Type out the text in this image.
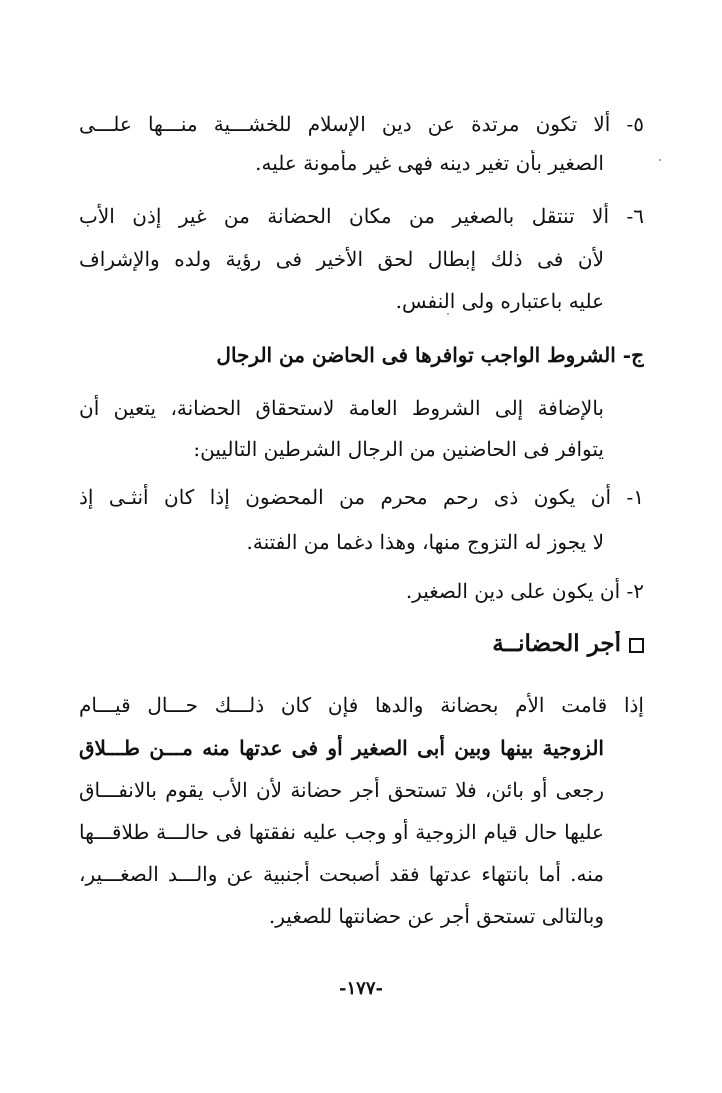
٥- ألا تكون مرتدة عن دين الإسلام للخشـــية منـــها علـــى
الصغير بأن تغير دينه فهى غير مأمونة عليه.
٦- ألا تنتقل بالصغير من مكان الحضانة من غير إذن الأب
لأن فى ذلك إبطال لحق الأخير فى رؤية ولده والإشراف
عليه باعتباره ولى النفس.
ج- الشروط الواجب توافرها فى الحاضن من الرجال
بالإضافة إلى الشروط العامة لاستحقاق الحضانة، يتعين أن
يتوافر فى الحاضنين من الرجال الشرطين التاليين:
١- أن يكون ذى رحم محرم من المحضون إذا كان أنثـى إذ
لا يجوز له التزوج منها، وهذا دغما من الفتنة.
٢- أن يكون على دين الصغير.
أجر الحضانــة
إذا قامت الأم بحضانة والدها فإن كان ذلـــك حـــال قيـــام
الزوجية بينها وبين أبى الصغير أو فى عدتها منه مـــن طـــلاق
رجعى أو بائن، فلا تستحق أجر حضانة لأن الأب يقوم بالانفـــاق
عليها حال قيام الزوجية أو وجب عليه نفقتها فى حالـــة طلاقـــها
منه. أما بانتهاء عدتها فقد أصبحت أجنبية عن والـــد الصغـــير،
وبالتالى تستحق أجر عن حضانتها للصغير.
-١٧٧-
